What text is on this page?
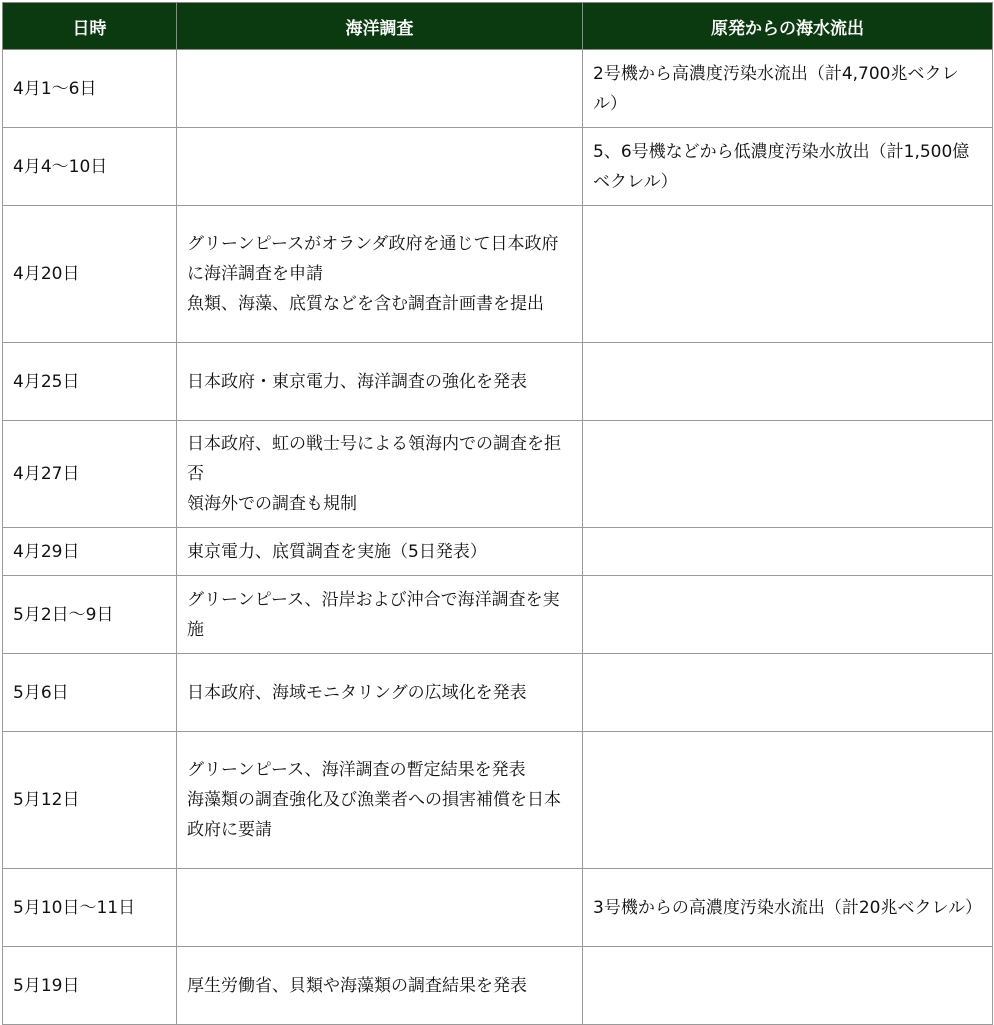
日時	海洋調査	原発からの海水流出
4月1〜6日		2号機から高濃度汚染水流出（計4,700兆ベクレル）
4月4〜10日		5、6号機などから低濃度汚染水放出（計1,500億ベクレル）
4月20日	グリーンピースがオランダ政府を通じて日本政府に海洋調査を申請
魚類、海藻、底質などを含む調査計画書を提出	

4月25日	日本政府・東京電力、海洋調査の強化を発表	

4月27日	日本政府、虹の戦士号による領海内での調査を拒否
領海外での調査も規制	

4月29日	東京電力、底質調査を実施（5日発表）	

5月2日〜9日	グリーンピース、沿岸および沖合で海洋調査を実施	

5月6日	日本政府、海域モニタリングの広域化を発表	

5月12日	グリーンピース、海洋調査の暫定結果を発表
海藻類の調査強化及び漁業者への損害補償を日本政府に要請	

5月10日〜11日		3号機からの高濃度汚染水流出（計20兆ベクレル）
5月19日	厚生労働省、貝類や海藻類の調査結果を発表	
